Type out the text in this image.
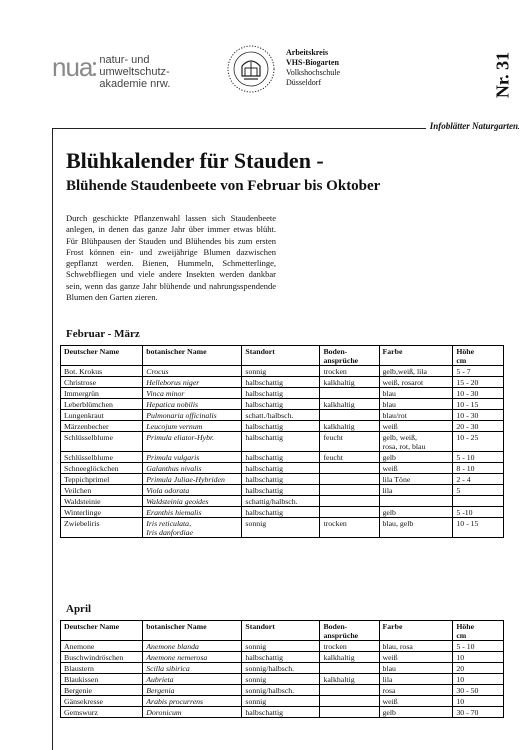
nua natur- und
umweltschutz-
akademie nrw.
Arbeitskreis
VHS-Biogarten
Volkshochschule
Düsseldorf	Nr. 31
Infoblätter Naturgarten
Blühkalender für Stauden -
Blühende Staudenbeete von Februar bis Oktober
Durch geschickte Pflanzenwahl lassen sich Staudenbeete anlegen, in denen das ganze Jahr über immer etwas blüht. Für Blühpausen der Stauden und Blühendes bis zum ersten Frost können ein- und zweijährige Blumen dazwischen gepflanzt werden. Bienen, Hummeln, Schmetterlinge, Schwebfliegen und viele andere Insekten werden dankbar sein, wenn das ganze Jahr blühende und nahrungsspendende Blumen den Garten zieren.
Februar - März
Deutscher Name	botanischer Name	Standort	Boden-
ansprüche	Farbe	Höhe
cm
Bot. Krokus	Crocus	sonnig	trocken	gelb,weiß, lila	5 - 7
Christrose	Helleborus niger	halbschattig	kalkhaltig	weiß, rosarot	15 - 20
Immergrün	Vinca minor	halbschattig		blau	10 - 30
Leberblümchen	Hepatica nobilis	halbschattig	kalkhaltig	blau	10 - 15
Lungenkraut	Pulmonaria officinalis	schatt./halbsch.		blau/rot	10 - 30
Märzenbecher	Leucojum vernum	halbschattig	kalkhaltig	weiß	20 - 30
Schlüsselblume	Primula eliator-Hybr.	halbschattig	feucht	gelb, weiß,
rosa, rot, blau	10 - 25
Schlüsselblume	Primula vulgaris	halbschattig	feucht	gelb	5 - 10
Schneeglöckchen	Galanthus nivalis	halbschattig		weiß	8 - 10
Teppichprimel	Primula Juliae-Hybriden	halbschattig		lila Töne	2 - 4
Veilchen	Viola odorata	halbschattig		lila	5
Waldsteinie	Waldsteinia geoides	schattig/halbsch.			
Winterlinge	Eranthis hiemalis	halbschattig		gelb	5 -10
Zwiebeliris	Iris reticulata,
Iris danfordiae	sonnig	trocken	blau, gelb	10 - 15
April
Deutscher Name	botanischer Name	Standort	Boden-
ansprüche	Farbe	Höhe
cm
Anemone	Anemone blanda	sonnig	trocken	blau, rosa	5 - 10
Buschwindröschen	Anemone nemerosa	halbschattig	kalkhaltig	weiß	10
Blaustern	Scilla sibirica	sonnig/halbsch.		blau	20
Blaukissen	Aubrieta	sonnig	kalkhaltig	lila	10
Bergenie	Bergenia	sonnig/halbsch.		rosa	30 - 50
Gänsekresse	Arabis procurrens	sonnig		weiß	10
Gemswurz	Doronicum	halbschattig		gelb	30 - 70
